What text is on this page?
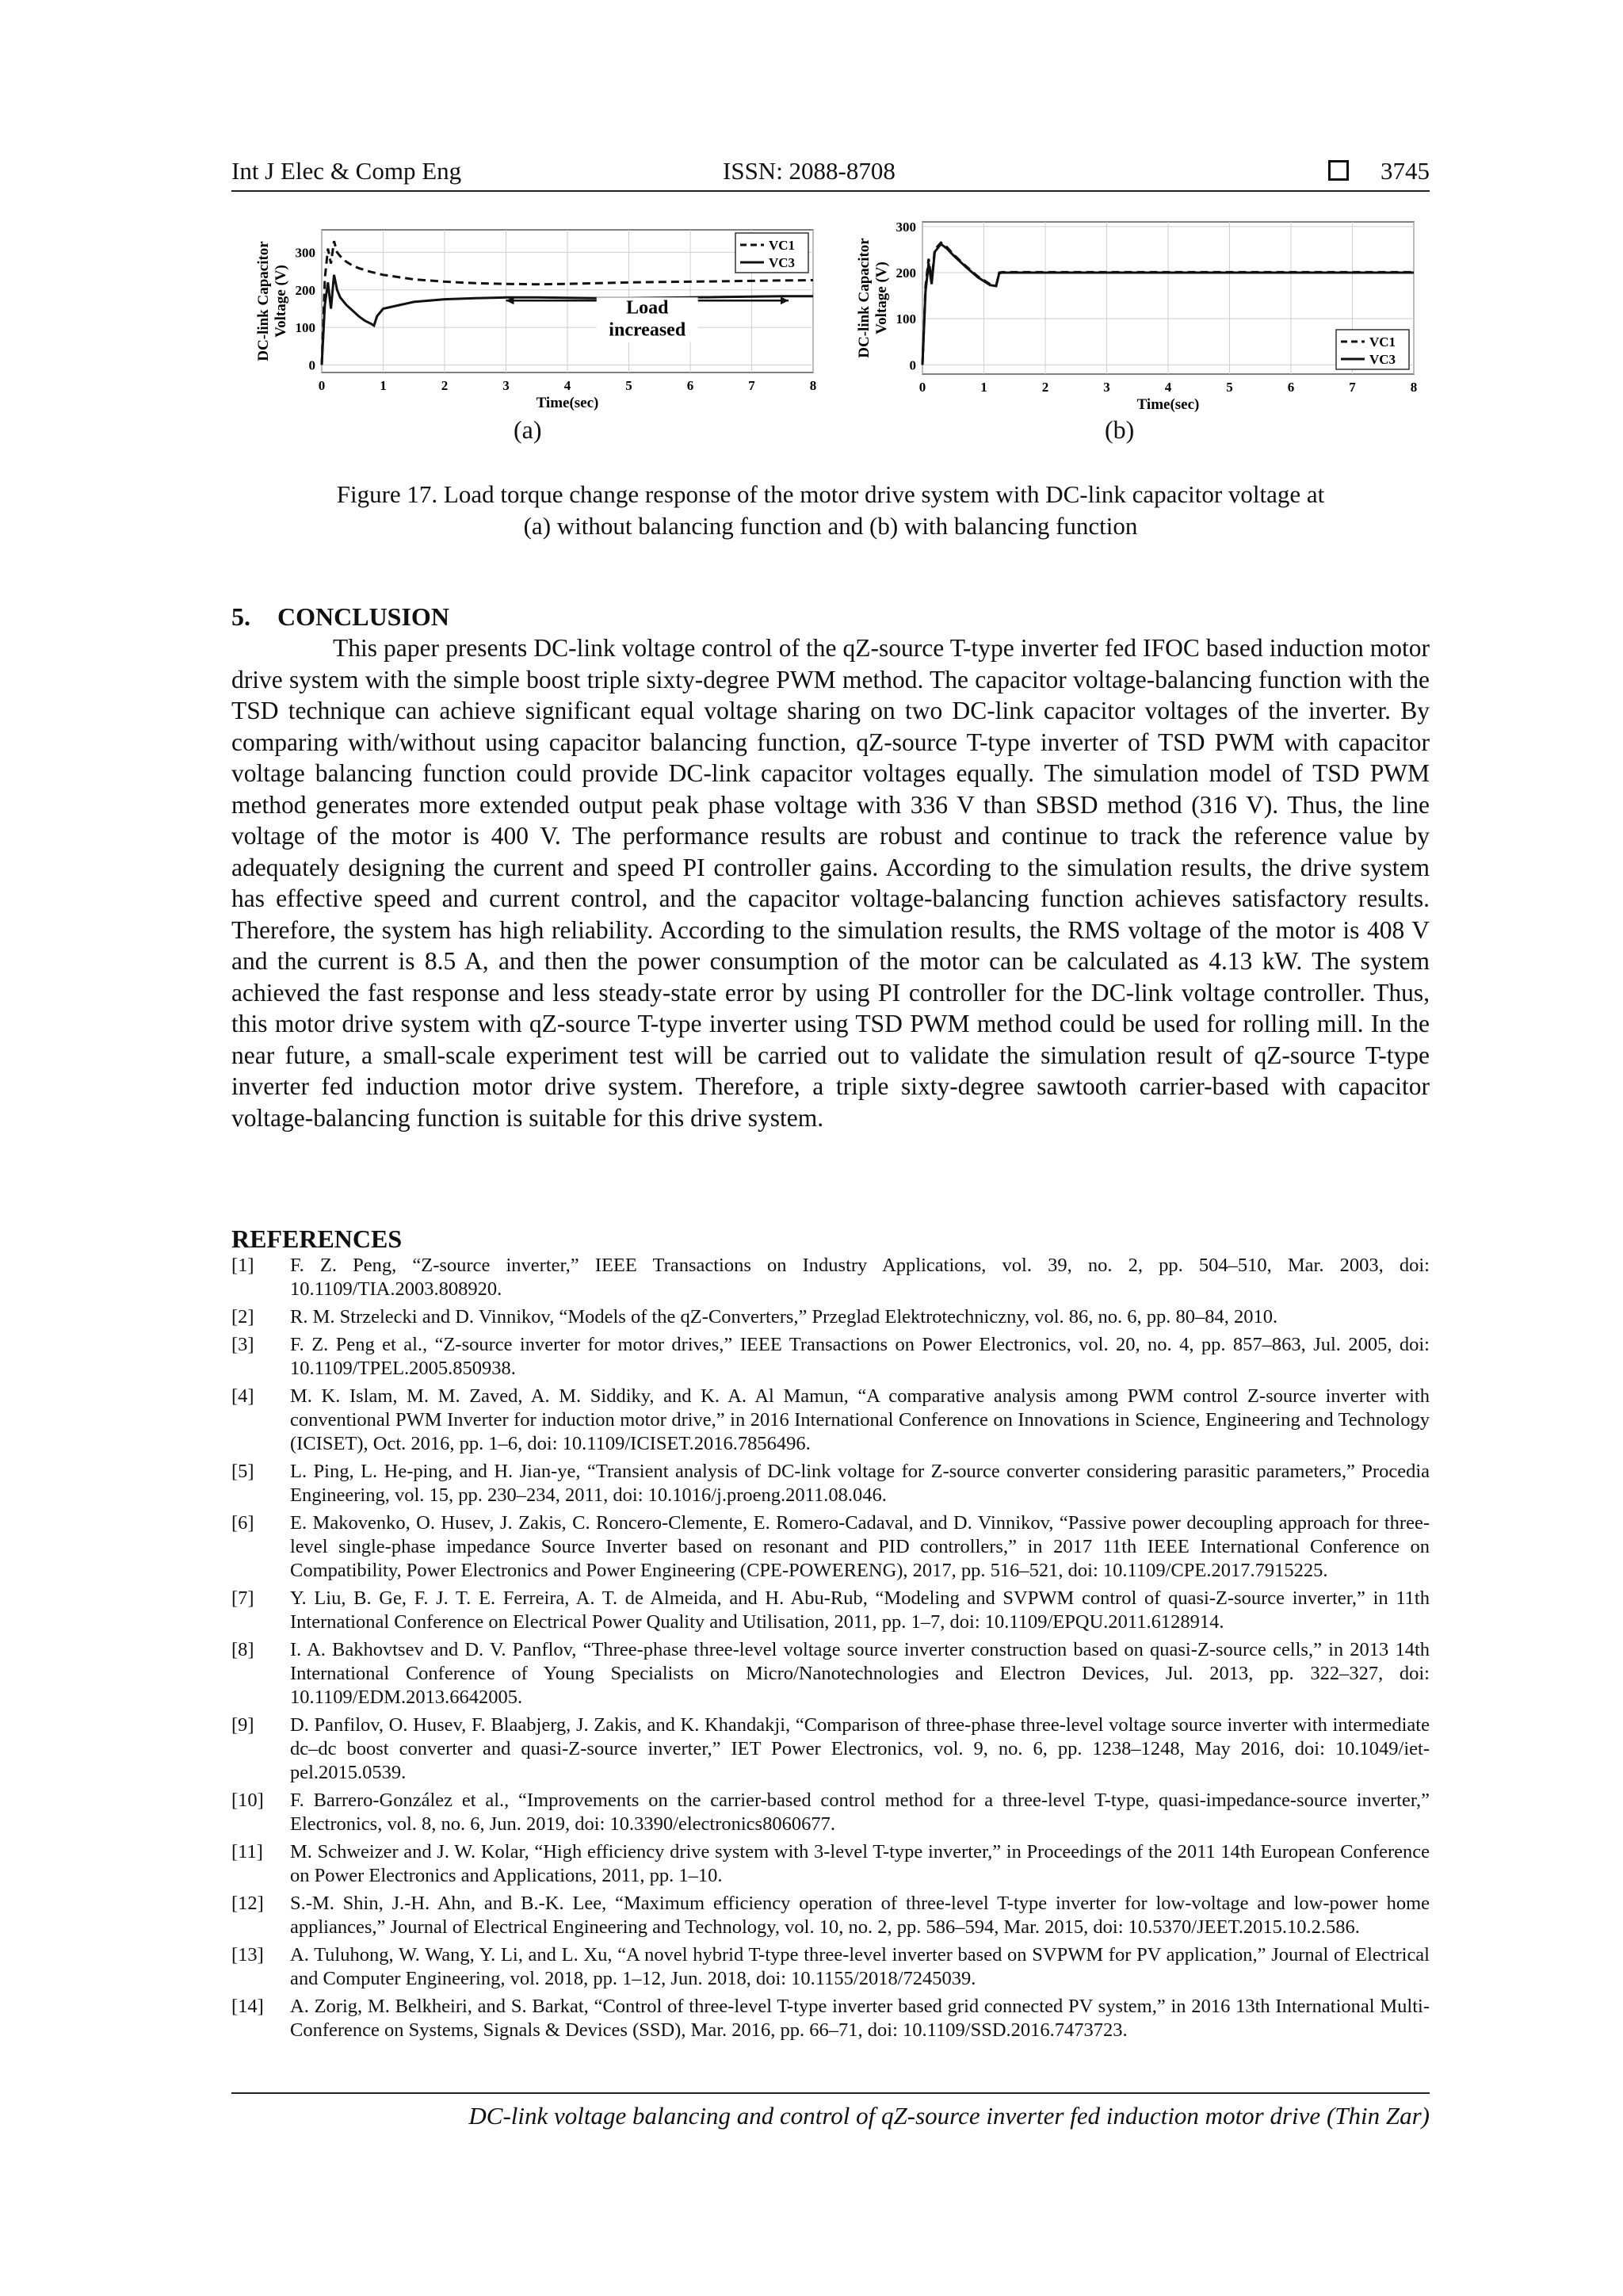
Int J Elec & Comp Eng	ISSN: 2088-8708	3745
0	1	2	3	4	5	6	7	8
0
100
200
300
Time(sec)
DC-link Capacitor Voltage (V)
VC1
VC3
Load
increased
(a)
0	1	2	3	4	5	6	7	8
0
100
200
300
Time(sec)
DC-link Capacitor Voltage (V)
VC1
VC3
(b)
Figure 17. Load torque change response of the motor drive system with DC-link capacitor voltage at
(a) without balancing function and (b) with balancing function
5. CONCLUSION

This paper presents DC-link voltage control of the qZ-source T-type inverter fed IFOC based induction motor drive system with the simple boost triple sixty-degree PWM method. The capacitor voltage-balancing function with the TSD technique can achieve significant equal voltage sharing on two DC-link capacitor voltages of the inverter. By comparing with/without using capacitor balancing function, qZ-source T-type inverter of TSD PWM with capacitor voltage balancing function could provide DC-link capacitor voltages equally. The simulation model of TSD PWM method generates more extended output peak phase voltage with 336 V than SBSD method (316 V). Thus, the line voltage of the motor is 400 V. The performance results are robust and continue to track the reference value by adequately designing the current and speed PI controller gains. According to the simulation results, the drive system has effective speed and current control, and the capacitor voltage-balancing function achieves satisfactory results. Therefore, the system has high reliability. According to the simulation results, the RMS voltage of the motor is 408 V and the current is 8.5 A, and then the power consumption of the motor can be calculated as 4.13 kW. The system achieved the fast response and less steady-state error by using PI controller for the DC-link voltage controller. Thus, this motor drive system with qZ-source T-type inverter using TSD PWM method could be used for rolling mill. In the near future, a small-scale experiment test will be carried out to validate the simulation result of qZ-source T-type inverter fed induction motor drive system. Therefore, a triple sixty-degree sawtooth carrier-based with capacitor voltage-balancing function is suitable for this drive system.

REFERENCES
[1]	F. Z. Peng, “Z-source inverter,” IEEE Transactions on Industry Applications, vol. 39, no. 2, pp. 504–510, Mar. 2003, doi: 10.1109/TIA.2003.808920.
[2]	R. M. Strzelecki and D. Vinnikov, “Models of the qZ-Converters,” Przeglad Elektrotechniczny, vol. 86, no. 6, pp. 80–84, 2010.
[3]	F. Z. Peng et al., “Z-source inverter for motor drives,” IEEE Transactions on Power Electronics, vol. 20, no. 4, pp. 857–863, Jul. 2005, doi: 10.1109/TPEL.2005.850938.
[4]	M. K. Islam, M. M. Zaved, A. M. Siddiky, and K. A. Al Mamun, “A comparative analysis among PWM control Z-source inverter with conventional PWM Inverter for induction motor drive,” in 2016 International Conference on Innovations in Science, Engineering and Technology (ICISET), Oct. 2016, pp. 1–6, doi: 10.1109/ICISET.2016.7856496.
[5]	L. Ping, L. He-ping, and H. Jian-ye, “Transient analysis of DC-link voltage for Z-source converter considering parasitic parameters,” Procedia Engineering, vol. 15, pp. 230–234, 2011, doi: 10.1016/j.proeng.2011.08.046.
[6]	E. Makovenko, O. Husev, J. Zakis, C. Roncero-Clemente, E. Romero-Cadaval, and D. Vinnikov, “Passive power decoupling approach for three-level single-phase impedance Source Inverter based on resonant and PID controllers,” in 2017 11th IEEE International Conference on Compatibility, Power Electronics and Power Engineering (CPE-POWERENG), 2017, pp. 516–521, doi: 10.1109/CPE.2017.7915225.
[7]	Y. Liu, B. Ge, F. J. T. E. Ferreira, A. T. de Almeida, and H. Abu-Rub, “Modeling and SVPWM control of quasi-Z-source inverter,” in 11th International Conference on Electrical Power Quality and Utilisation, 2011, pp. 1–7, doi: 10.1109/EPQU.2011.6128914.
[8]	I. A. Bakhovtsev and D. V. Panflov, “Three-phase three-level voltage source inverter construction based on quasi-Z-source cells,” in 2013 14th International Conference of Young Specialists on Micro/Nanotechnologies and Electron Devices, Jul. 2013, pp. 322–327, doi: 10.1109/EDM.2013.6642005.
[9]	D. Panfilov, O. Husev, F. Blaabjerg, J. Zakis, and K. Khandakji, “Comparison of three-phase three-level voltage source inverter with intermediate dc–dc boost converter and quasi-Z-source inverter,” IET Power Electronics, vol. 9, no. 6, pp. 1238–1248, May 2016, doi: 10.1049/iet-pel.2015.0539.
[10]	F. Barrero-González et al., “Improvements on the carrier-based control method for a three-level T-type, quasi-impedance-source inverter,” Electronics, vol. 8, no. 6, Jun. 2019, doi: 10.3390/electronics8060677.
[11]	M. Schweizer and J. W. Kolar, “High efficiency drive system with 3-level T-type inverter,” in Proceedings of the 2011 14th European Conference on Power Electronics and Applications, 2011, pp. 1–10.
[12]	S.-M. Shin, J.-H. Ahn, and B.-K. Lee, “Maximum efficiency operation of three-level T-type inverter for low-voltage and low-power home appliances,” Journal of Electrical Engineering and Technology, vol. 10, no. 2, pp. 586–594, Mar. 2015, doi: 10.5370/JEET.2015.10.2.586.
[13]	A. Tuluhong, W. Wang, Y. Li, and L. Xu, “A novel hybrid T-type three-level inverter based on SVPWM for PV application,” Journal of Electrical and Computer Engineering, vol. 2018, pp. 1–12, Jun. 2018, doi: 10.1155/2018/7245039.
[14]	A. Zorig, M. Belkheiri, and S. Barkat, “Control of three-level T-type inverter based grid connected PV system,” in 2016 13th International Multi-Conference on Systems, Signals & Devices (SSD), Mar. 2016, pp. 66–71, doi: 10.1109/SSD.2016.7473723.
DC-link voltage balancing and control of qZ-source inverter fed induction motor drive (Thin Zar)
